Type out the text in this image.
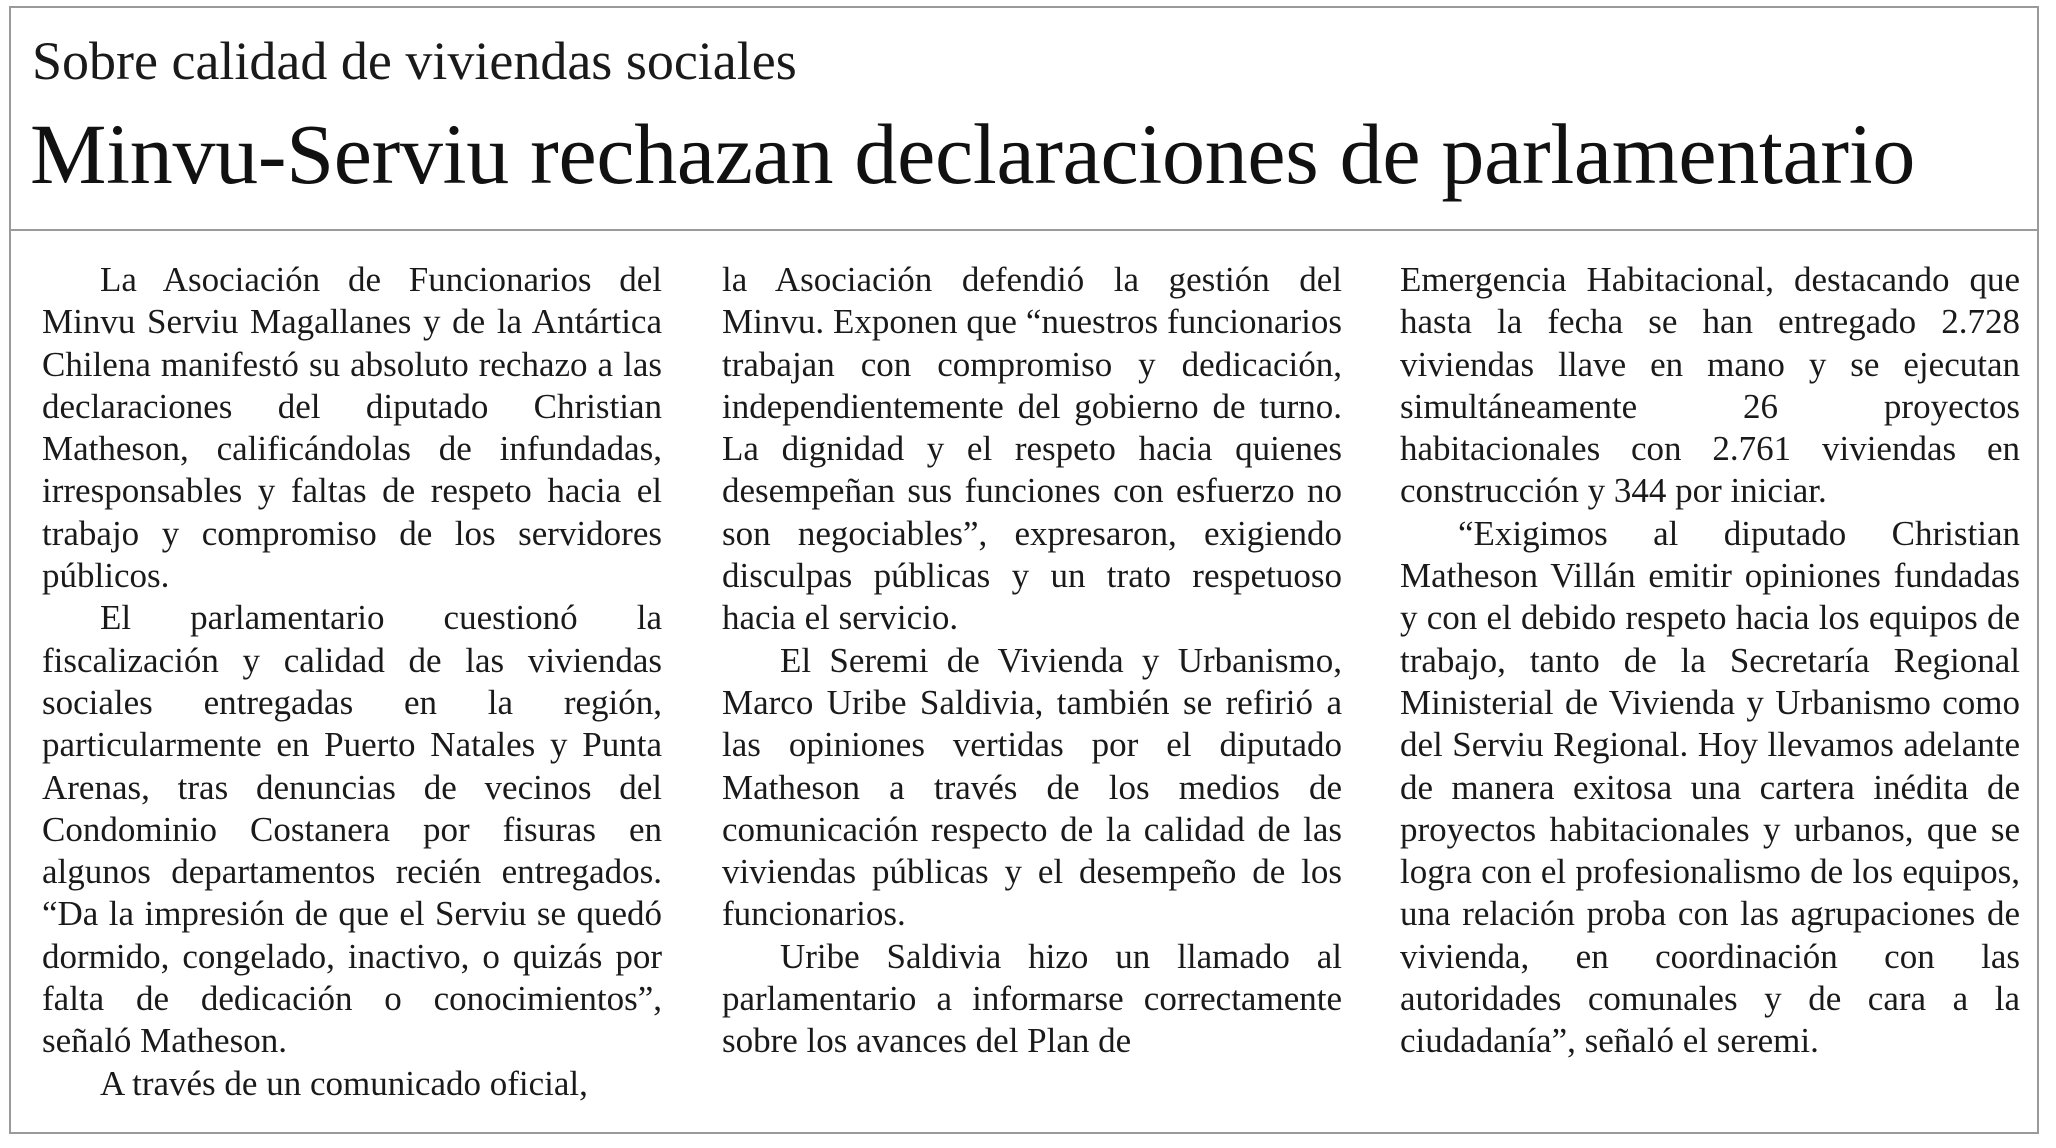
Sobre calidad de viviendas sociales
Minvu-Serviu rechazan declaraciones de parlamentario

La Asociación de Funcionarios del Minvu Serviu Magallanes y de la Antártica Chilena manifestó su absoluto rechazo a las declaraciones del diputado Christian Matheson, calificándolas de infundadas, irresponsables y faltas de respeto hacia el trabajo y compromiso de los servidores públicos.

El parlamentario cuestionó la fiscalización y calidad de las viviendas sociales entregadas en la región, particularmente en Puerto Natales y Punta Arenas, tras denuncias de vecinos del Condominio Costanera por fisuras en algunos departamentos recién entregados. “Da la impresión de que el Serviu se quedó dormido, congelado, inactivo, o quizás por falta de dedicación o conocimientos”, señaló Matheson.

A través de un comunicado oficial,

la Asociación defendió la gestión del Minvu. Exponen que “nuestros funcionarios trabajan con compromiso y dedicación, independientemente del gobierno de turno. La dignidad y el respeto hacia quienes desempeñan sus funciones con esfuerzo no son negociables”, expresaron, exigiendo disculpas públicas y un trato respetuoso hacia el servicio.

El Seremi de Vivienda y Urbanismo, Marco Uribe Saldivia, también se refirió a las opiniones vertidas por el diputado Matheson a través de los medios de comunicación respecto de la calidad de las viviendas públicas y el desempeño de los funcionarios.

Uribe Saldivia hizo un llamado al parlamentario a informarse correctamente sobre los avances del Plan de

Emergencia Habitacional, destacando que hasta la fecha se han entregado 2.728 viviendas llave en mano y se ejecutan simultáneamente 26 proyectos habitacionales con 2.761 viviendas en construcción y 344 por iniciar.

“Exigimos al diputado Christian Matheson Villán emitir opiniones fundadas y con el debido respeto hacia los equipos de trabajo, tanto de la Secretaría Regional Ministerial de Vivienda y Urbanismo como del Serviu Regional. Hoy llevamos adelante de manera exitosa una cartera inédita de proyectos habitacionales y urbanos, que se logra con el profesionalismo de los equipos, una relación proba con las agrupaciones de vivienda, en coordinación con las autoridades comunales y de cara a la ciudadanía”, señaló el seremi.
